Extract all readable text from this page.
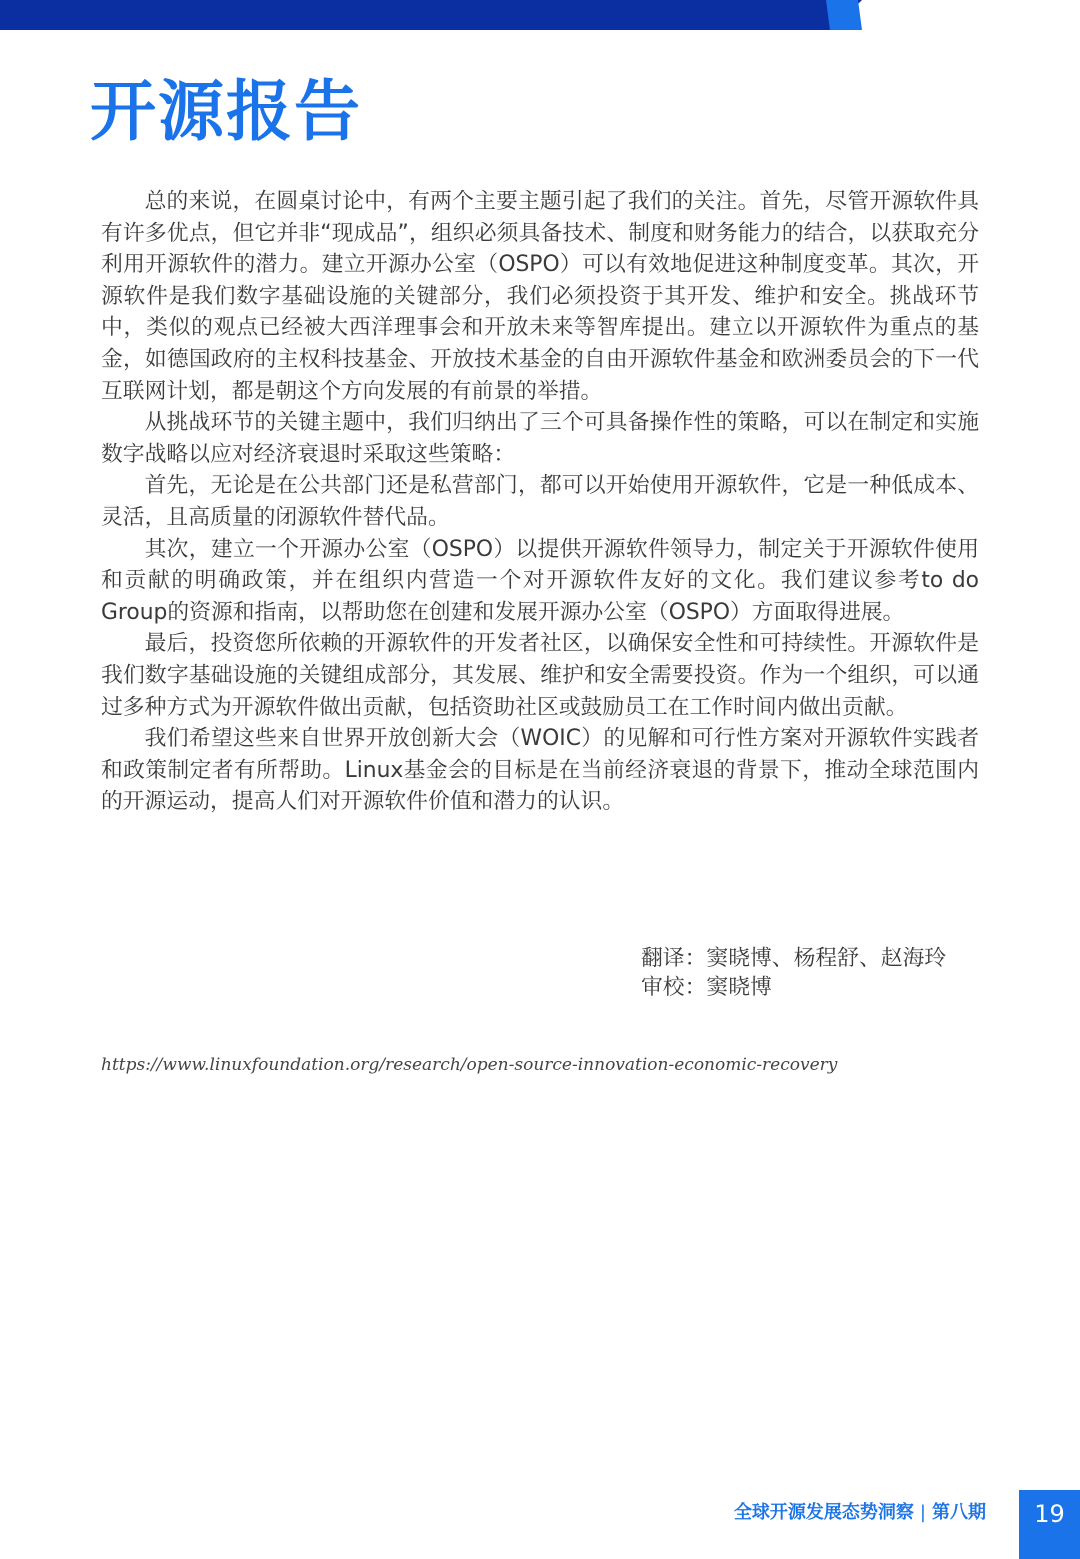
开源报告

总的来说，在圆桌讨论中，有两个主要主题引起了我们的关注。首先，尽管开源软件具有许多优点，但它并非“现成品”，组织必须具备技术、制度和财务能力的结合，以获取充分利用开源软件的潜力。建立开源办公室（OSPO）可以有效地促进这种制度变革。其次，开源软件是我们数字基础设施的关键部分，我们必须投资于其开发、维护和安全。挑战环节中，类似的观点已经被大西洋理事会和开放未来等智库提出。建立以开源软件为重点的基金，如德国政府的主权科技基金、开放技术基金的自由开源软件基金和欧洲委员会的下一代互联网计划，都是朝这个方向发展的有前景的举措。

从挑战环节的关键主题中，我们归纳出了三个可具备操作性的策略，可以在制定和实施数字战略以应对经济衰退时采取这些策略：

首先，无论是在公共部门还是私营部门，都可以开始使用开源软件，它是一种低成本、灵活，且高质量的闭源软件替代品。

其次，建立一个开源办公室（OSPO）以提供开源软件领导力，制定关于开源软件使用和贡献的明确政策，并在组织内营造一个对开源软件友好的文化。我们建议参考to do Group的资源和指南，以帮助您在创建和发展开源办公室（OSPO）方面取得进展。

最后，投资您所依赖的开源软件的开发者社区，以确保安全性和可持续性。开源软件是我们数字基础设施的关键组成部分，其发展、维护和安全需要投资。作为一个组织，可以通过多种方式为开源软件做出贡献，包括资助社区或鼓励员工在工作时间内做出贡献。

我们希望这些来自世界开放创新大会（WOIC）的见解和可行性方案对开源软件实践者和政策制定者有所帮助。Linux基金会的目标是在当前经济衰退的背景下，推动全球范围内的开源运动，提高人们对开源软件价值和潜力的认识。

翻译：窦晓博、杨程舒、赵海玲
审校：窦晓博
https://www.linuxfoundation.org/research/open-source-innovation-economic-recovery
全球开源发展态势洞察 | 第八期	19
